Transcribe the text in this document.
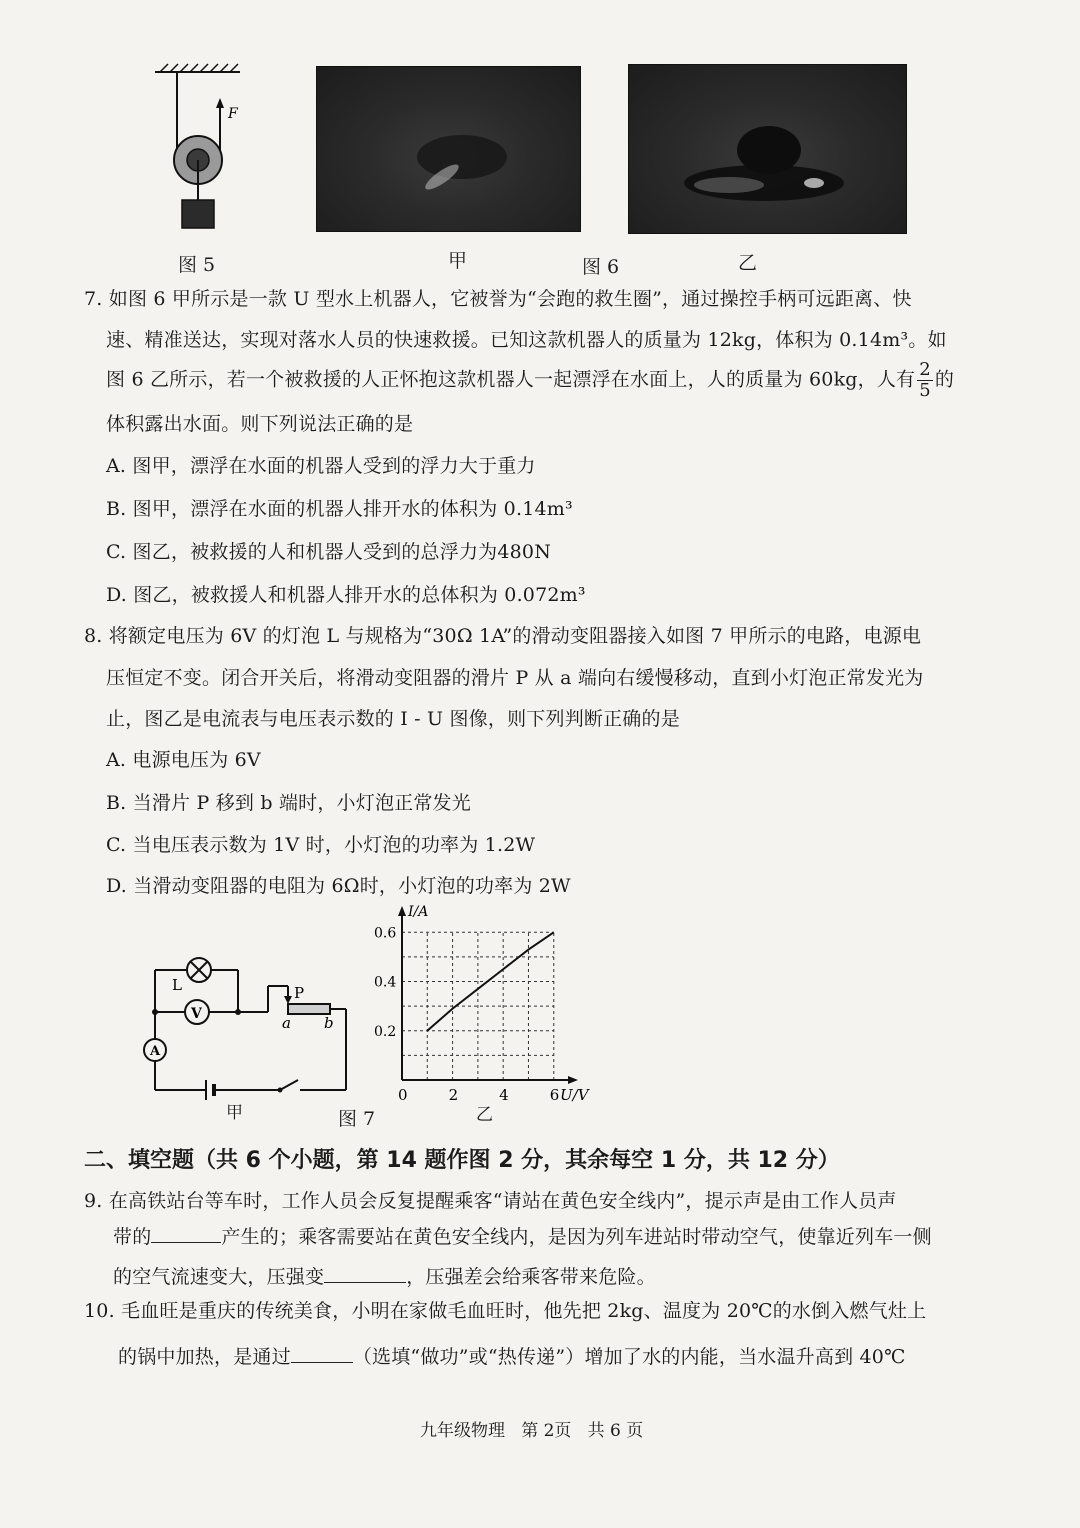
F
图 5	甲	图 6	乙
7. 如图 6 甲所示是一款 U 型水上机器人，它被誉为“会跑的救生圈”，通过操控手柄可远距离、快
速、精准送达，实现对落水人员的快速救援。已知这款机器人的质量为 12kg，体积为 0.14m³。如
图 6 乙所示，若一个被救援的人正怀抱这款机器人一起漂浮在水面上，人的质量为 60kg，人有 $\frac{2}{5}$ 的
体积露出水面。则下列说法正确的是
A. 图甲，漂浮在水面的机器人受到的浮力大于重力
B. 图甲，漂浮在水面的机器人排开水的体积为 0.14m³
C. 图乙，被救援的人和机器人受到的总浮力为480N
D. 图乙，被救援人和机器人排开水的总体积为 0.072m³
8. 将额定电压为 6V 的灯泡 L 与规格为“30Ω 1A”的滑动变阻器接入如图 7 甲所示的电路，电源电
压恒定不变。闭合开关后，将滑动变阻器的滑片 P 从 a 端向右缓慢移动，直到小灯泡正常发光为
止，图乙是电流表与电压表示数的 I - U 图像，则下列判断正确的是
A. 电源电压为 6V
B. 当滑片 P 移到 b 端时，小灯泡正常发光
C. 当电压表示数为 1V 时，小灯泡的功率为 1.2W
D. 当滑动变阻器的电阻为 6Ω时，小灯泡的功率为 2W
V
A
L	P
a b
甲	图 7
I/A
U/V
0	2	4	6
0.2
0.4
0.6
乙
二、填空题（共 6 个小题，第 14 题作图 2 分，其余每空 1 分，共 12 分）
9. 在高铁站台等车时，工作人员会反复提醒乘客“请站在黄色安全线内”，提示声是由工作人员声
带的	产生的；乘客需要站在黄色安全线内，是因为列车进站时带动空气，使靠近列车一侧
的空气流速变大，压强变	，压强差会给乘客带来危险。
10. 毛血旺是重庆的传统美食，小明在家做毛血旺时，他先把 2kg、温度为 20℃的水倒入燃气灶上
的锅中加热，是通过	（选填“做功”或“热传递”）增加了水的内能，当水温升高到 40℃
九年级物理   第 2页   共 6 页
